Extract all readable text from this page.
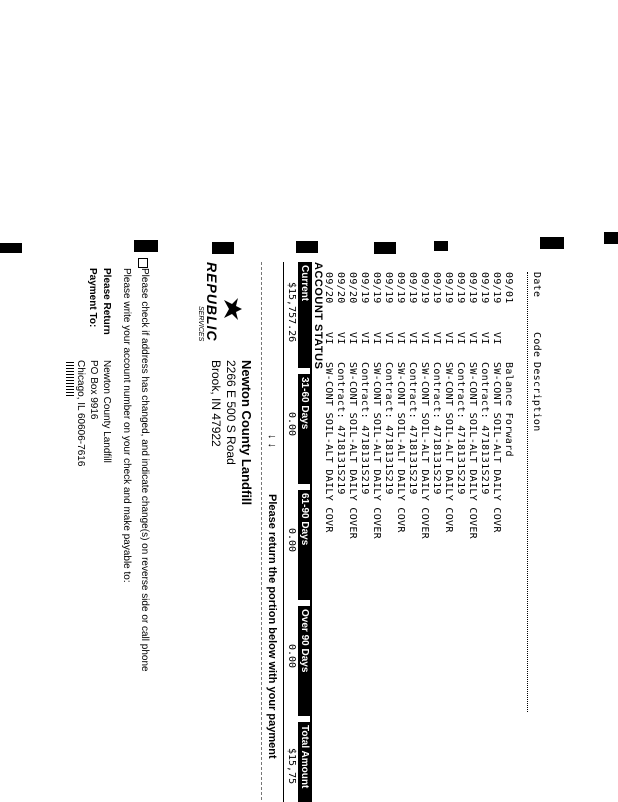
Date
Code
Description
09/01
Balance Forward
09/19
VI
SW-CONT SOIL-ALT DAILY COVR
09/19
VI
Contract: 4718131S219
09/19
VI
SW-CONT SOIL-ALT DAILY COVER
09/19
VI
Contract: 4718131S219
09/19
VI
SW-CONT SOIL-ALT DAILY COVR
09/19
VI
Contract: 4718131S219
09/19
VI
SW-CONT SOIL-ALT DAILY COVER
09/19
VI
Contract: 4718131S219
09/19
VI
SW-CONT SOIL-ALT DAILY COVR
09/19
VI
Contract: 4718131S219
09/19
VI
SW-CONT SOIL-ALT DAILY COVER
09/19
VI
Contract: 4718131S219
09/20
VI
SW-CONT SOIL-ALT DAILY COVER
09/20
VI
Contract: 4718131S219
09/20
VI
SW-CONT SOIL-ALT DAILY COVR
ACCOUNT STATUS
Current
31-60 Days
61-90 Days
Over 90 Days
Total Amount
$15,757.26
0.00
0.00
0.00
$15,75
↓ ↓
Please return the portion below with your payment
Newton County Landfill
2266 E 500 S Road
Brook, IN 47922
REPUBLIC
SERVICES
Please check if address has changed, and indicate change(s) on reverse side or call phone
Please write your account number on your check and make payable to:
Please Return
Payment To:
Newton County Landfill
PO Box 9916
Chicago, IL 60606-7616
